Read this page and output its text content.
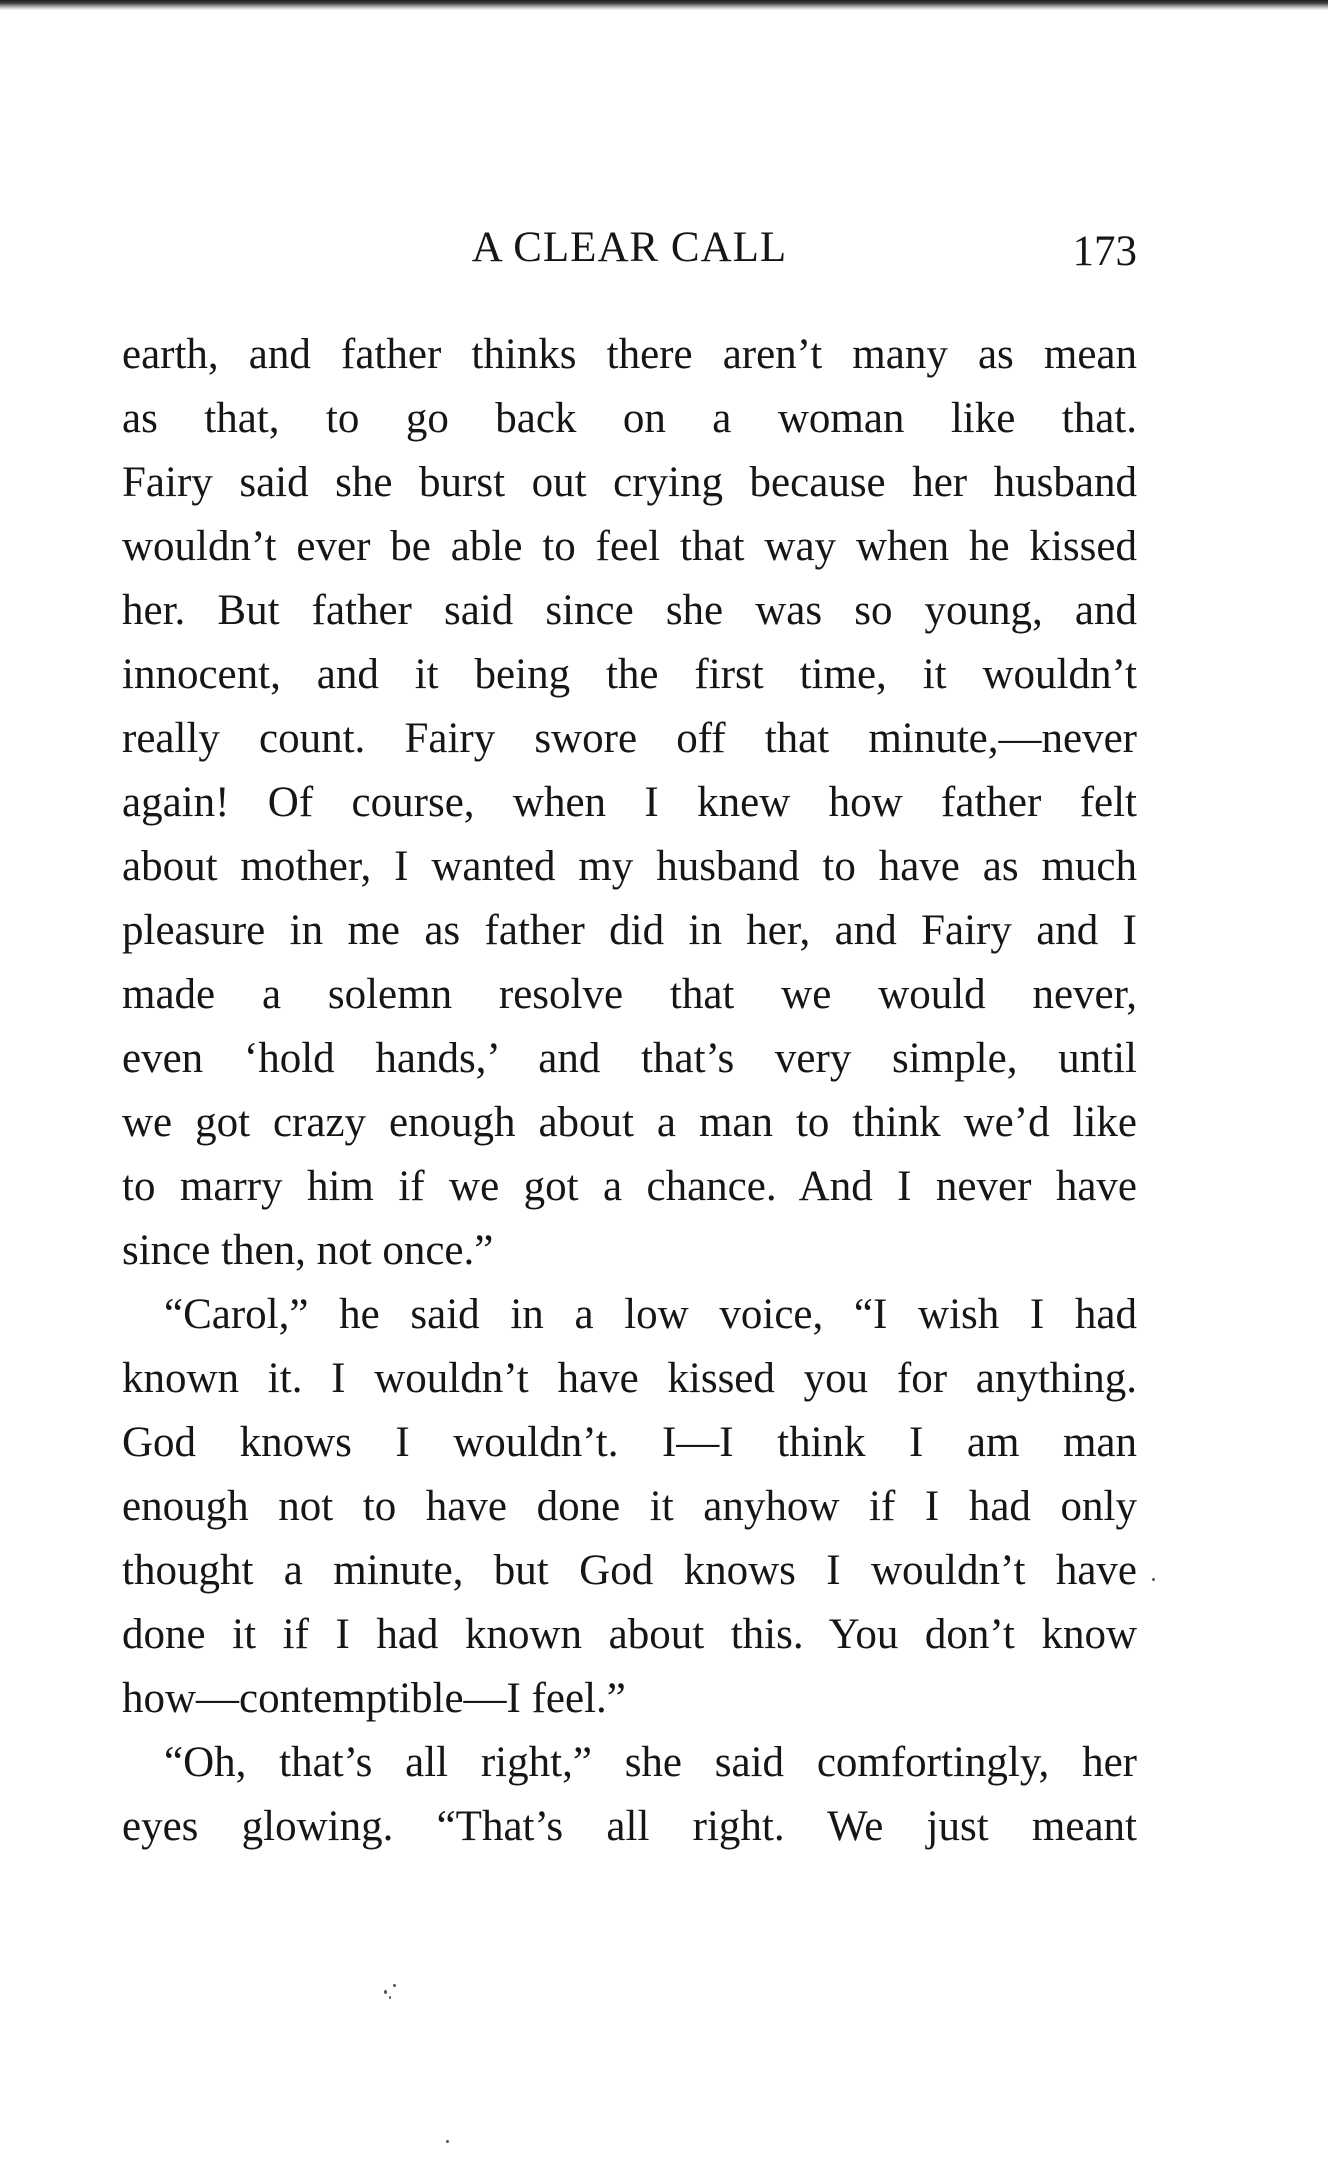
A CLEAR CALL	173
earth, and father thinks there aren’t many as mean
as that, to go back on a woman like that.
Fairy said she burst out crying because her husband
wouldn’t ever be able to feel that way when he kissed
her. But father said since she was so young, and
innocent, and it being the first time, it wouldn’t
really count. Fairy swore off that minute,—never
again! Of course, when I knew how father felt
about mother, I wanted my husband to have as much
pleasure in me as father did in her, and Fairy and I
made a solemn resolve that we would never,
even ‘hold hands,’ and that’s very simple, until
we got crazy enough about a man to think we’d like
to marry him if we got a chance. And I never have
since then, not once.”
“Carol,” he said in a low voice, “I wish I had
known it. I wouldn’t have kissed you for anything.
God knows I wouldn’t. I—I think I am man
enough not to have done it anyhow if I had only
thought a minute, but God knows I wouldn’t have
done it if I had known about this. You don’t know
how—contemptible—I feel.”
“Oh, that’s all right,” she said comfortingly, her
eyes glowing. “That’s all right. We just meant
